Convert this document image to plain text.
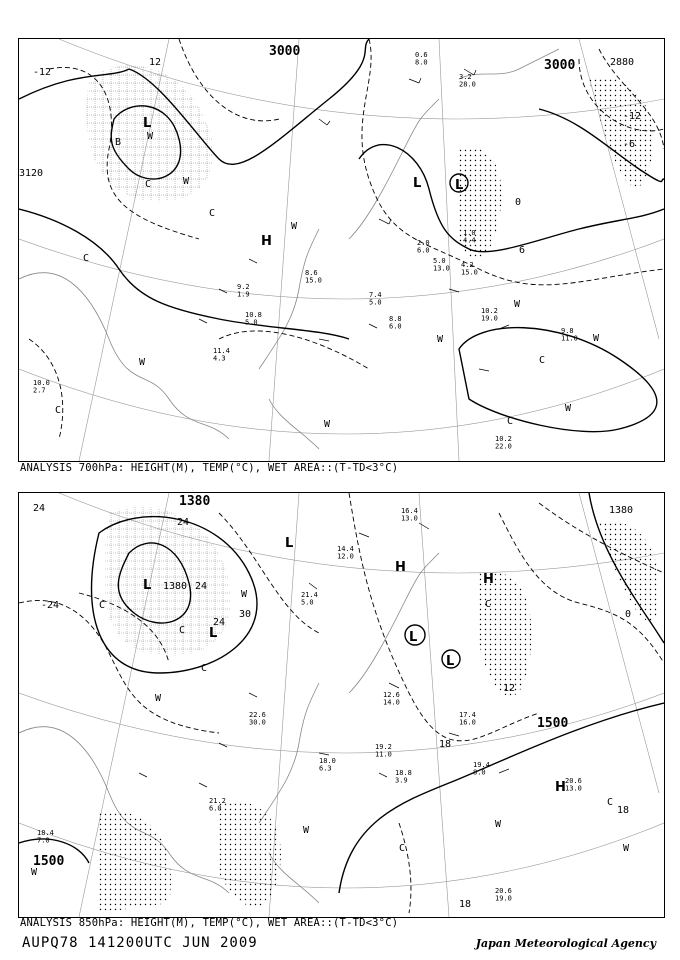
3000
3000	2880
3120
-12
12
-12
-6
0
6
L
L	L
H
W
W
C
C
C
B
W
W
C
W
W
C
W
W
W
C
0.6 8.0
3.2 28.0
1.0 4.4
2.0 6.0
5.0 13.0 4.2 15.0
7.4 5.0
8.8 6.0
10.2 19.0
10.2 22.0
9.8 11.0
10.0 2.7
11.4 4.3
10.8 5.0
9.2 1.9
8.6 15.0
ANALYSIS 700hPa: HEIGHT(M), TEMP(°C), WET AREA::(T-TD<3°C)
1380
1380
1380
1500
1500
24
24
24
24
30
12
18
18
18
0
-24
L
L
L
L
L
H
H
H
C
C
W
W
C
W
C
W
W
C
W
C
21.4 5.0
16.4 13.0
14.4 12.0
12.6 14.0
17.4 16.0
19.2 11.0
19.4 8.0
18.8 3.9	20.6 13.0
20.6 19.0
18.4 7.0
21.2 6.0
22.6 30.0
18.0 6.3
ANALYSIS 850hPa: HEIGHT(M), TEMP(°C), WET AREA::(T-TD<3°C)
AUPQ78 141200UTC JUN 2009	Japan Meteorological Agency
